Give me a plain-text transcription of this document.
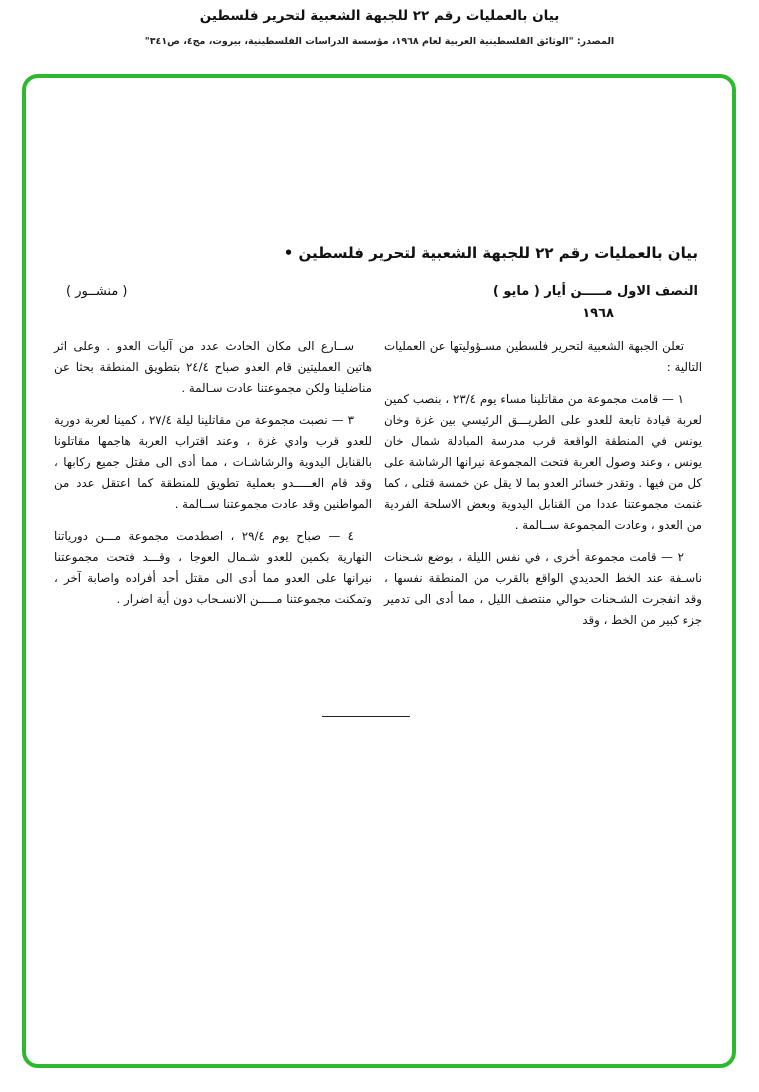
بيان بالعمليات رقم ٢٢ للجبهة الشعبية لتحرير فلسطين
المصدر: "الوثائق الفلسطينية العربية لعام ١٩٦٨، مؤسسة الدراسات الفلسطينية، بيروت، مج٤، ص٣٤١"
بيان بالعمليات رقم ٢٢ للجبهة الشعبية لتحرير فلسطين •
النصف الاول مـــــن أيار ( مايو )
١٩٦٨
( منشــور )

تعلن الجبهة الشعبية لتحرير فلسطين مسـؤوليتها عن العمليات التالية :

١ — قامت مجموعة من مقاتلينا مساء يوم ٢٣/٤ ، بنصب كمين لعربة قيادة تابعة للعدو على الطريـــق الرئيسي بين غزة وخان يونس في المنطقة الواقعة قرب مدرسة المبادلة شمال خان يونس ، وعند وصول العربة فتحت المجموعة نيرانها الرشاشة على كل من فيها . وتقدر خسائر العدو بما لا يقل عن خمسة قتلى ، كما غنمت مجموعتنا عددا من القنابل اليدوية وبعض الاسلحة الفردية من العدو ، وعادت المجموعة ســالمة .

٢ — قامت مجموعة أخرى ، في نفس الليلة ، بوضع شـحنات ناسـفة عند الخط الحديدي الواقع بالقرب من المنطقة نفسها ، وقد انفجرت الشـحنات حوالي منتصف الليل ، مما أدى الى تدمير جزء كبير من الخط ، وقد

ســارع الى مكان الحادث عدد من آليات العدو . وعلى اثر هاتين العمليتين قام العدو صباح ٢٤/٤ بتطويق المنطقة بحثا عن مناضلينا ولكن مجموعتنا عادت سـالمة .

٣ — نصبت مجموعة من مقاتلينا ليلة ٢٧/٤ ، كمينا لعربة دورية للعدو قرب وادي غزة ، وعند اقتراب العربة هاجمها مقاتلونا بالقنابل اليدوية والرشاشـات ، مما أدى الى مقتل جميع ركابها ، وقد قام العـــــدو بعملية تطويق للمنطقة كما اعتقل عدد من المواطنين وقد عادت مجموعتنا ســالمة .

٤ — صباح يوم ٢٩/٤ ، اصطدمت مجموعة مـــن دورياتنا النهارية بكمين للعدو شـمال العوجا ، وقـــد فتحت مجموعتنا نيرانها على العدو مما أدى الى مقتل أحد أفراده واصابة آخر ، وتمكنت مجموعتنا مـــــن الانسـحاب دون أية اضرار .
